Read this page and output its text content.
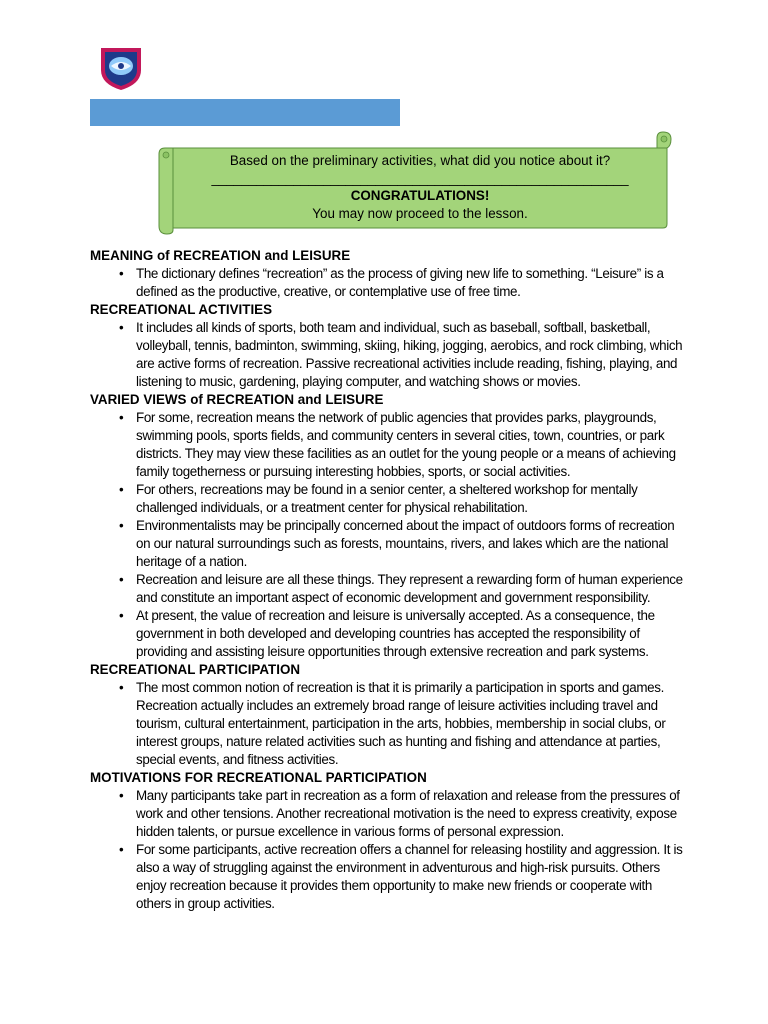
Based on the preliminary activities, what did you notice about it?
________________________________________________________
CONGRATULATIONS!
You may now proceed to the lesson.
MEANING of RECREATION and LEISURE
• The dictionary defines “recreation” as the process of giving new life to something. “Leisure” is a defined as the productive, creative, or contemplative use of free time.
RECREATIONAL ACTIVITIES
• It includes all kinds of sports, both team and individual, such as baseball, softball, basketball, volleyball, tennis, badminton, swimming, skiing, hiking, jogging, aerobics, and rock climbing, which are active forms of recreation. Passive recreational activities include reading, fishing, playing, and listening to music, gardening, playing computer, and watching shows or movies.
VARIED VIEWS of RECREATION and LEISURE
• For some, recreation means the network of public agencies that provides parks, playgrounds, swimming pools, sports fields, and community centers in several cities, town, countries, or park districts. They may view these facilities as an outlet for the young people or a means of achieving family togetherness or pursuing interesting hobbies, sports, or social activities.
• For others, recreations may be found in a senior center, a sheltered workshop for mentally challenged individuals, or a treatment center for physical rehabilitation.
• Environmentalists may be principally concerned about the impact of outdoors forms of recreation on our natural surroundings such as forests, mountains, rivers, and lakes which are the national heritage of a nation.
• Recreation and leisure are all these things. They represent a rewarding form of human experience and constitute an important aspect of economic development and government responsibility.
• At present, the value of recreation and leisure is universally accepted. As a consequence, the government in both developed and developing countries has accepted the responsibility of providing and assisting leisure opportunities through extensive recreation and park systems.
RECREATIONAL PARTICIPATION
• The most common notion of recreation is that it is primarily a participation in sports and games. Recreation actually includes an extremely broad range of leisure activities including travel and tourism, cultural entertainment, participation in the arts, hobbies, membership in social clubs, or interest groups, nature related activities such as hunting and fishing and attendance at parties, special events, and fitness activities.
MOTIVATIONS FOR RECREATIONAL PARTICIPATION
• Many participants take part in recreation as a form of relaxation and release from the pressures of work and other tensions. Another recreational motivation is the need to express creativity, expose hidden talents, or pursue excellence in various forms of personal expression.
• For some participants, active recreation offers a channel for releasing hostility and aggression. It is also a way of struggling against the environment in adventurous and high-risk pursuits. Others enjoy recreation because it provides them opportunity to make new friends or cooperate with others in group activities.
